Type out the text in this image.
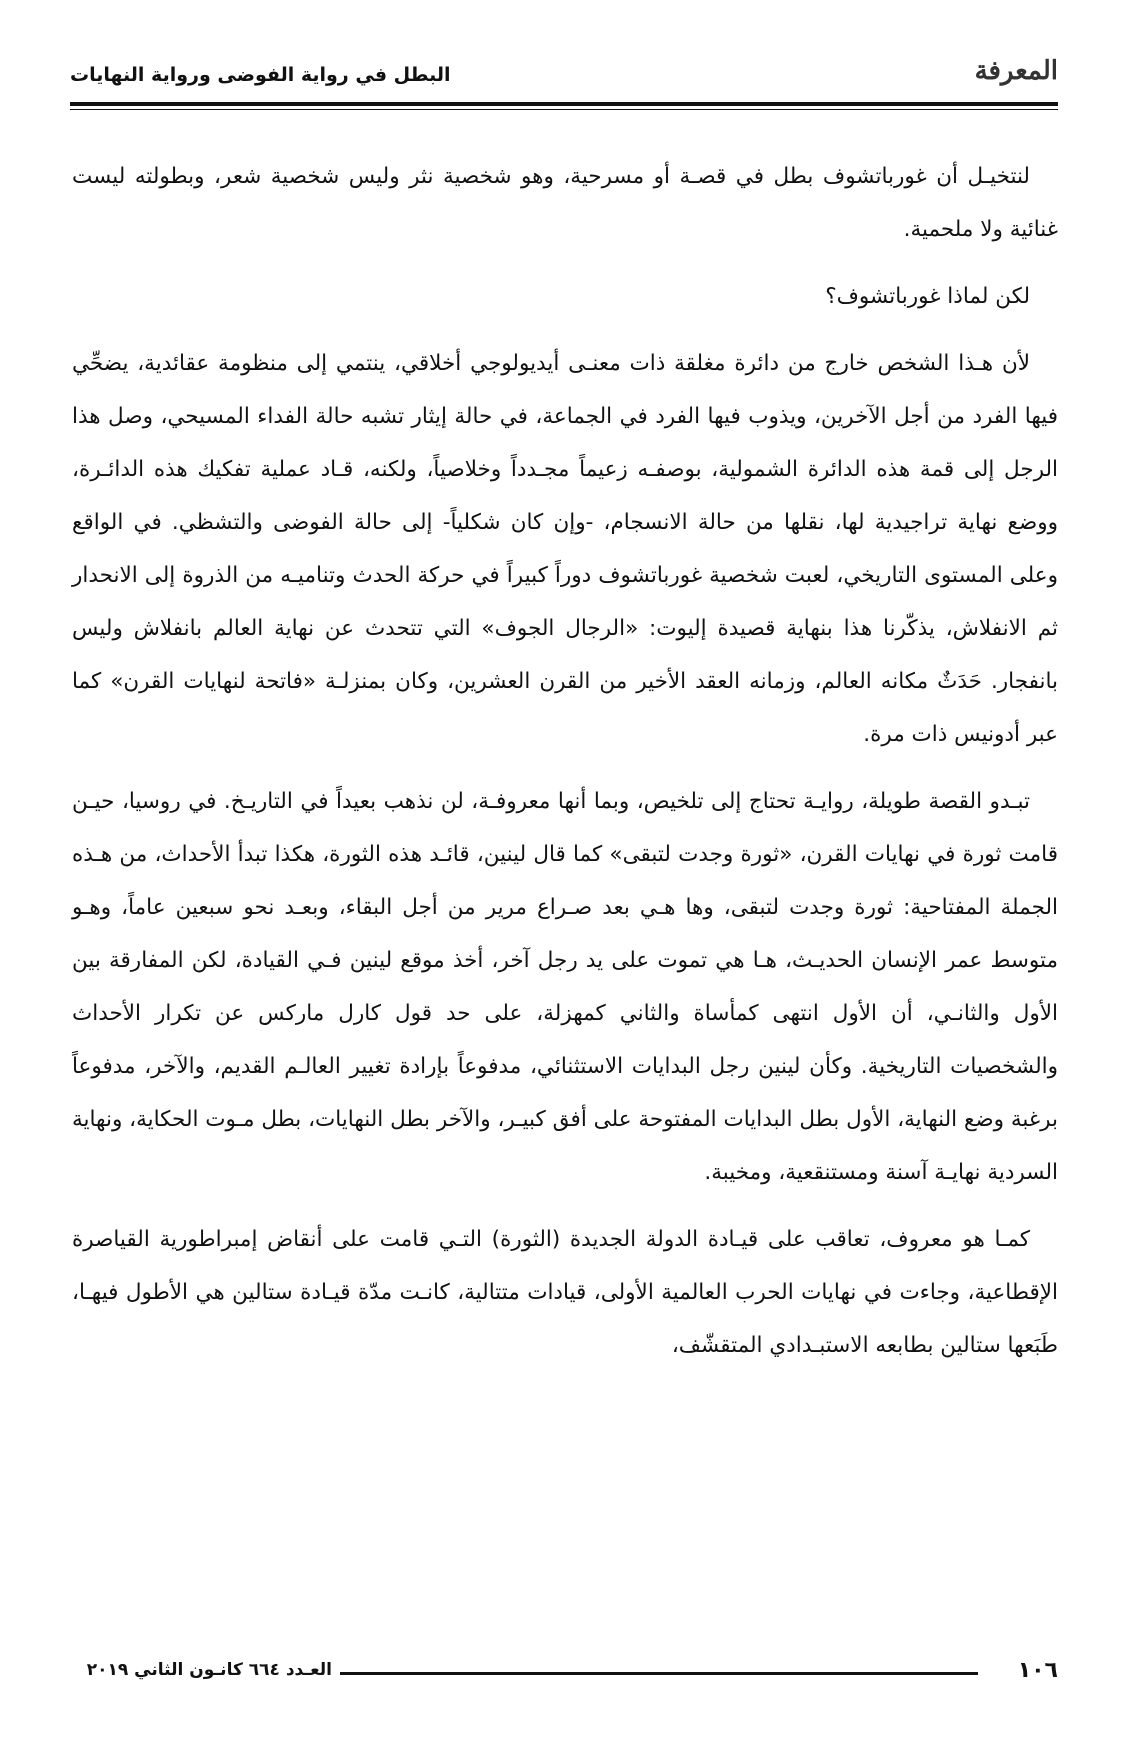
المعرفة
البطل في رواية الفوضى ورواية النهايات

لنتخيـل أن غورباتشوف بطل في قصـة أو مسرحية، وهو شخصية نثر وليس شخصية شعر، وبطولته ليست غنائية ولا ملحمية.

لكن لماذا غورباتشوف؟

لأن هـذا الشخص خارج من دائرة مغلقة ذات معنـى أيديولوجي أخلاقي، ينتمي إلى منظومة عقائدية، يضحِّي فيها الفرد من أجل الآخرين، ويذوب فيها الفرد في الجماعة، في حالة إيثار تشبه حالة الفداء المسيحي، وصل هذا الرجل إلى قمة هذه الدائرة الشمولية، بوصفـه زعيماً مجـدداً وخلاصياً، ولكنه، قـاد عملية تفكيك هذه الدائـرة، ووضع نهاية تراجيدية لها، نقلها من حالة الانسجام، -وإن كان شكلياً- إلى حالة الفوضى والتشظي. في الواقع وعلى المستوى التاريخي، لعبت شخصية غورباتشوف دوراً كبيراً في حركة الحدث وتناميـه من الذروة إلى الانحدار ثم الانفلاش، يذكّرنا هذا بنهاية قصيدة إليوت: «الرجال الجوف» التي تتحدث عن نهاية العالم بانفلاش وليس بانفجار. حَدَثٌ مكانه العالم، وزمانه العقد الأخير من القرن العشرين، وكان بمنزلـة «فاتحة لنهايات القرن» كما عبر أدونيس ذات مرة.

تبـدو القصة طويلة، روايـة تحتاج إلى تلخيص، وبما أنها معروفـة، لن نذهب بعيداً في التاريـخ. في روسيا، حيـن قامت ثورة في نهايات القرن، «ثورة وجدت لتبقى» كما قال لينين، قائـد هذه الثورة، هكذا تبدأ الأحداث، من هـذه الجملة المفتاحية: ثورة وجدت لتبقى، وها هـي بعد صـراع مرير من أجل البقاء، وبعـد نحو سبعين عاماً، وهـو متوسط عمر الإنسان الحديـث، هـا هي تموت على يد رجل آخر، أخذ موقع لينين فـي القيادة، لكن المفارقة بين الأول والثانـي، أن الأول انتهى كمأساة والثاني كمهزلة، على حد قول كارل ماركس عن تكرار الأحداث والشخصيات التاريخية. وكأن لينين رجل البدايات الاستثنائي، مدفوعاً بإرادة تغيير العالـم القديم، والآخر، مدفوعاً برغبة وضع النهاية، الأول بطل البدايات المفتوحة على أفق كبيـر، والآخر بطل النهايات، بطل مـوت الحكاية، ونهاية السردية نهايـة آسنة ومستنقعية، ومخيبة.

كمـا هو معروف، تعاقب على قيـادة الدولة الجديدة (الثورة) التـي قامت على أنقاض إمبراطورية القياصرة الإقطاعية، وجاءت في نهايات الحرب العالمية الأولى، قيادات متتالية، كانـت مدّة قيـادة ستالين هي الأطول فيهـا، طَبَعها ستالين بطابعه الاستبـدادي المتقشّف،

١٠٦
العـدد ٦٦٤ كانـون الثاني ٢٠١٩
